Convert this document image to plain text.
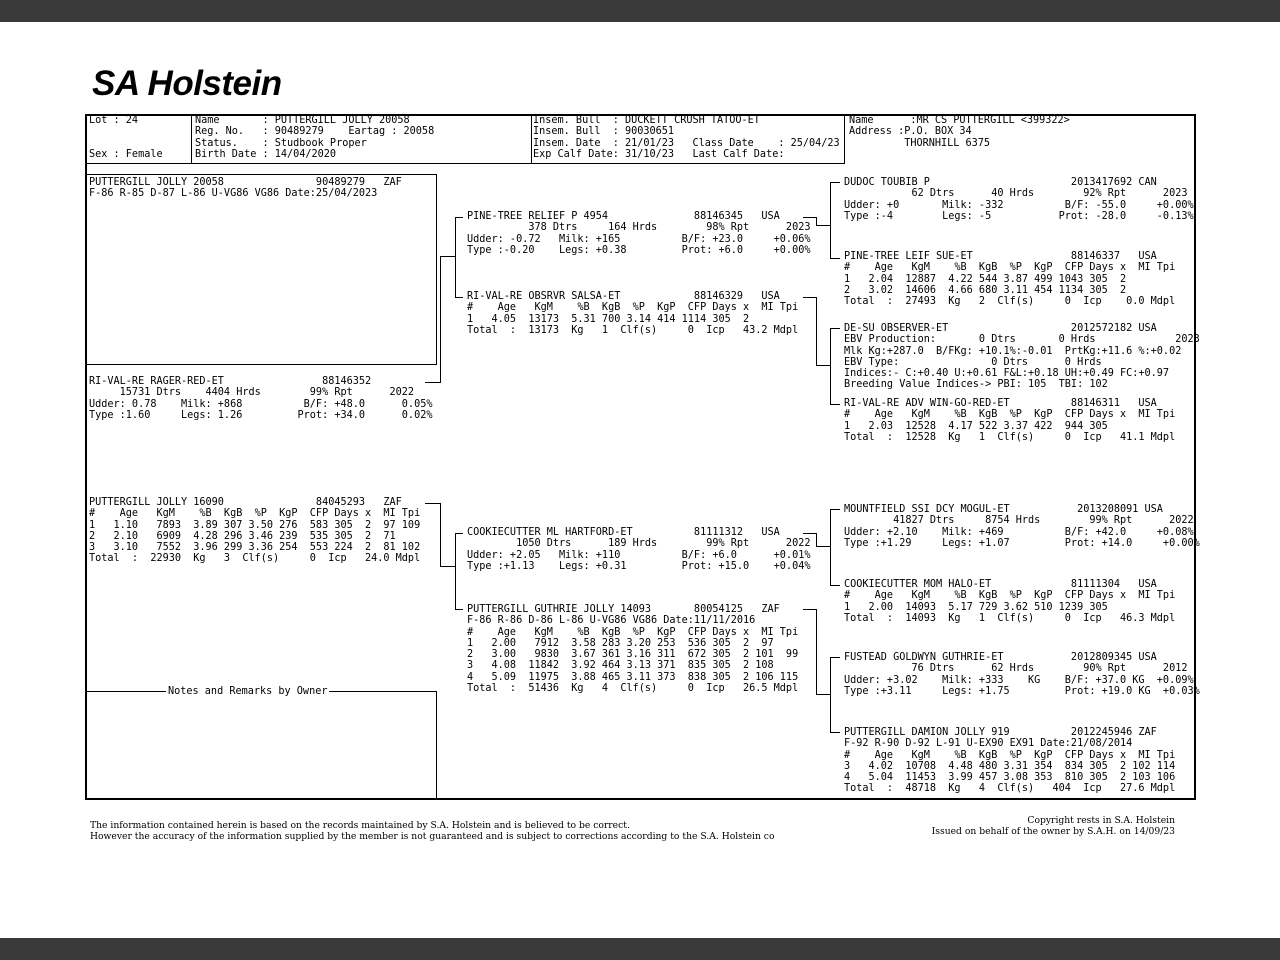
SA Holstein
Lot : 24
Sex : Female
Name       : PUTTERGILL JOLLY 20058
Reg. No.   : 90489279    Eartag : 20058
Status.    : Studbook Proper
Birth Date : 14/04/2020
Insem. Bull  : DUCKETT CRUSH TATOO-ET
Insem. Bull  : 90030651
Insem. Date  : 21/01/23   Class Date    : 25/04/23
Exp Calf Date: 31/10/23   Last Calf Date:
Name      :MR CS PUTTERGILL <399322>
Address :P.O. BOX 34
THORNHILL 6375
PUTTERGILL JOLLY 20058               90489279   ZAF
F-86 R-85 D-87 L-86 U-VG86 VG86 Date:25/04/2023
RI-VAL-RE RAGER-RED-ET                88146352
15731 Dtrs    4404 Hrds        99% Rpt      2022
Udder: 0.78    Milk: +868          B/F: +48.0      0.05%
Type :1.60     Legs: 1.26         Prot: +34.0      0.02%
PUTTERGILL JOLLY 16090               84045293   ZAF
#    Age   KgM    %B  KgB  %P  KgP  CFP Days x  MI Tpi
1   1.10   7893  3.89 307 3.50 276  583 305  2  97 109
2   2.10   6909  4.28 296 3.46 239  535 305  2  71
3   3.10   7552  3.96 299 3.36 254  553 224  2  81 102
Total  :  22930  Kg   3  Clf(s)     0  Icp   24.0 Mdpl
PINE-TREE RELIEF P 4954              88146345   USA
378 Dtrs     164 Hrds        98% Rpt      2023
Udder: -0.72   Milk: +165          B/F: +23.0     +0.06%
Type :-0.20    Legs: +0.38         Prot: +6.0     +0.00%
RI-VAL-RE OBSRVR SALSA-ET            88146329   USA
#    Age   KgM    %B  KgB  %P  KgP  CFP Days x  MI Tpi
1   4.05  13173  5.31 700 3.14 414 1114 305  2
Total  :  13173  Kg   1  Clf(s)     0  Icp   43.2 Mdpl
COOKIECUTTER ML HARTFORD-ET          81111312   USA
1050 Dtrs      189 Hrds        99% Rpt      2022
Udder: +2.05   Milk: +110          B/F: +6.0      +0.01%
Type :+1.13    Legs: +0.31         Prot: +15.0    +0.04%
PUTTERGILL GUTHRIE JOLLY 14093       80054125   ZAF
F-86 R-86 D-86 L-86 U-VG86 VG86 Date:11/11/2016
#    Age   KgM    %B  KgB  %P  KgP  CFP Days x  MI Tpi
1   2.00   7912  3.58 283 3.20 253  536 305  2  97
2   3.00   9830  3.67 361 3.16 311  672 305  2 101  99
3   4.08  11842  3.92 464 3.13 371  835 305  2 108
4   5.09  11975  3.88 465 3.11 373  838 305  2 106 115
Total  :  51436  Kg   4  Clf(s)     0  Icp   26.5 Mdpl
DUDOC TOUBIB P                       2013417692 CAN
62 Dtrs      40 Hrds        92% Rpt      2023
Udder: +0       Milk: -332          B/F: -55.0     +0.00%
Type :-4        Legs: -5           Prot: -28.0     -0.13%
PINE-TREE LEIF SUE-ET                88146337   USA
#    Age   KgM    %B  KgB  %P  KgP  CFP Days x  MI Tpi
1   2.04  12887  4.22 544 3.87 499 1043 305  2
2   3.02  14606  4.66 680 3.11 454 1134 305  2
Total  :  27493  Kg   2  Clf(s)     0  Icp    0.0 Mdpl
DE-SU OBSERVER-ET                    2012572182 USA
EBV Production:       0 Dtrs       0 Hrds             2023
Mlk Kg:+287.0  B/FKg: +10.1%:-0.01  PrtKg:+11.6 %:+0.02
EBV Type:               0 Dtrs      0 Hrds
Indices:- C:+0.40 U:+0.61 F&L:+0.18 UH:+0.49 FC:+0.97
Breeding Value Indices-> PBI: 105  TBI: 102
RI-VAL-RE ADV WIN-GO-RED-ET          88146311   USA
#    Age   KgM    %B  KgB  %P  KgP  CFP Days x  MI Tpi
1   2.03  12528  4.17 522 3.37 422  944 305
Total  :  12528  Kg   1  Clf(s)     0  Icp   41.1 Mdpl
MOUNTFIELD SSI DCY MOGUL-ET           2013208091 USA
41827 Dtrs     8754 Hrds        99% Rpt      2022
Udder: +2.10    Milk: +469          B/F: +42.0     +0.08%
Type :+1.29     Legs: +1.07         Prot: +14.0     +0.00%
COOKIECUTTER MOM HALO-ET             81111304   USA
#    Age   KgM    %B  KgB  %P  KgP  CFP Days x  MI Tpi
1   2.00  14093  5.17 729 3.62 510 1239 305
Total  :  14093  Kg   1  Clf(s)     0  Icp   46.3 Mdpl
FUSTEAD GOLDWYN GUTHRIE-ET           2012809345 USA
76 Dtrs      62 Hrds        90% Rpt      2012
Udder: +3.02    Milk: +333    KG    B/F: +37.0 KG  +0.09%
Type :+3.11     Legs: +1.75         Prot: +19.0 KG  +0.03%
PUTTERGILL DAMION JOLLY 919          2012245946 ZAF
F-92 R-90 D-92 L-91 U-EX90 EX91 Date:21/08/2014
#    Age   KgM    %B  KgB  %P  KgP  CFP Days x  MI Tpi
3   4.02  10708  4.48 480 3.31 354  834 305  2 102 114
4   5.04  11453  3.99 457 3.08 353  810 305  2 103 106
Total  :  48718  Kg   4  Clf(s)   404  Icp   27.6 Mdpl
Notes and Remarks by Owner
The information contained herein is based on the records maintained by S.A. Holstein and is believed to be correct.
However the accuracy of the information supplied by the member is not guaranteed and is subject to corrections according to the S.A. Holstein co
Copyright rests in S.A. Holstein
Issued on behalf of the owner by S.A.H. on 14/09/23
